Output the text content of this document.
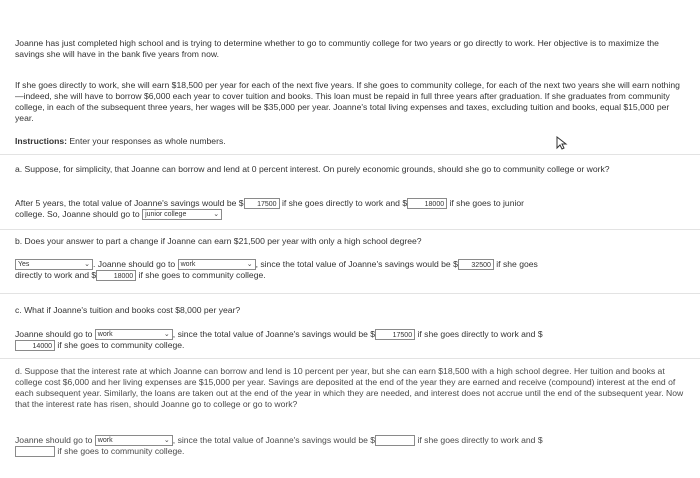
Joanne has just completed high school and is trying to determine whether to go to communtiy college for two years or go directly to work. Her objective is to maximize the savings she will have in the bank five years from now.

If she goes directly to work, she will earn $18,500 per year for each of the next five years. If she goes to community college, for each of the next two years she will earn nothing—indeed, she will have to borrow $6,000 each year to cover tuition and books. This loan must be repaid in full three years after graduation. If she graduates from community college, in each of the subsequent three years, her wages will be $35,000 per year. Joanne's total living expenses and taxes, excluding tuition and books, equal $15,000 per year.

Instructions: Enter your responses as whole numbers.

a. Suppose, for simplicity, that Joanne can borrow and lend at 0 percent interest. On purely economic grounds, should she go to community college or work?

After 5 years, the total value of Joanne's savings would be $ 17500 if she goes directly to work and $	18000 if she goes to junior
college. So, Joanne should go to junior college	⌄

b. Does your answer to part a change if Joanne can earn $21,500 per year with only a high school degree?

Yes	⌄ . Joanne should go to work	⌄ , since the total value of Joanne's savings would be $ 32500 if she goes
directly to work and $	18000 if she goes to community college.

c. What if Joanne's tuition and books cost $8,000 per year?

Joanne should go to work	⌄ , since the total value of Joanne's savings would be $	17500 if she goes directly to work and $
14000 if she goes to community college.

d. Suppose that the interest rate at which Joanne can borrow and lend is 10 percent per year, but she can earn $18,500 with a high school degree. Her tuition and books at college cost $6,000 and her living expenses are $15,000 per year. Savings are deposited at the end of the year they are earned and receive (compound) interest at the end of each subsequent year. Similarly, the loans are taken out at the end of the year in which they are needed, and interest does not accrue until the end of the subsequent year. Now that the interest rate has risen, should Joanne go to college or go to work?

Joanne should go to work	⌄ , since the total value of Joanne's savings would be $	if she goes directly to work and $
if she goes to community college.
